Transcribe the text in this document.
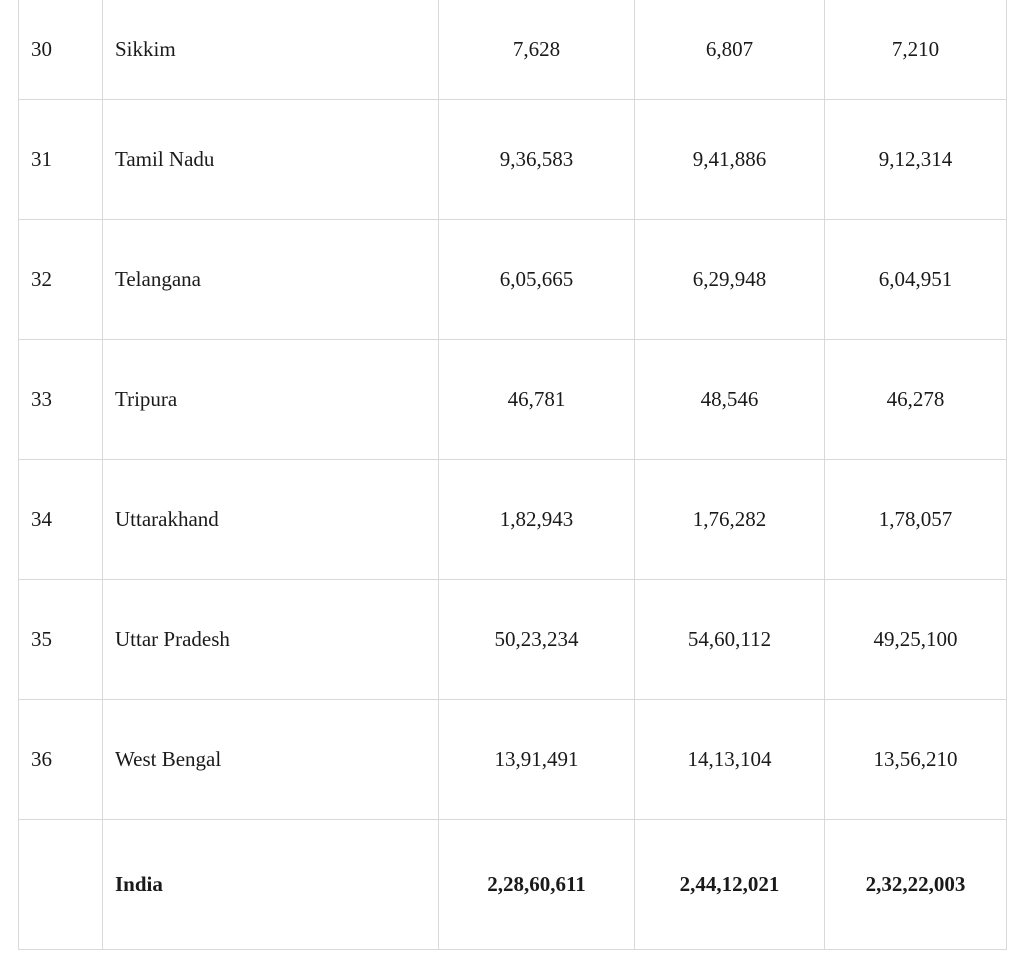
30	Sikkim	7,628	6,807	7,210
31	Tamil Nadu	9,36,583	9,41,886	9,12,314
32	Telangana	6,05,665	6,29,948	6,04,951
33	Tripura	46,781	48,546	46,278
34	Uttarakhand	1,82,943	1,76,282	1,78,057
35	Uttar Pradesh	50,23,234	54,60,112	49,25,100
36	West Bengal	13,91,491	14,13,104	13,56,210
	India	2,28,60,611	2,44,12,021	2,32,22,003
